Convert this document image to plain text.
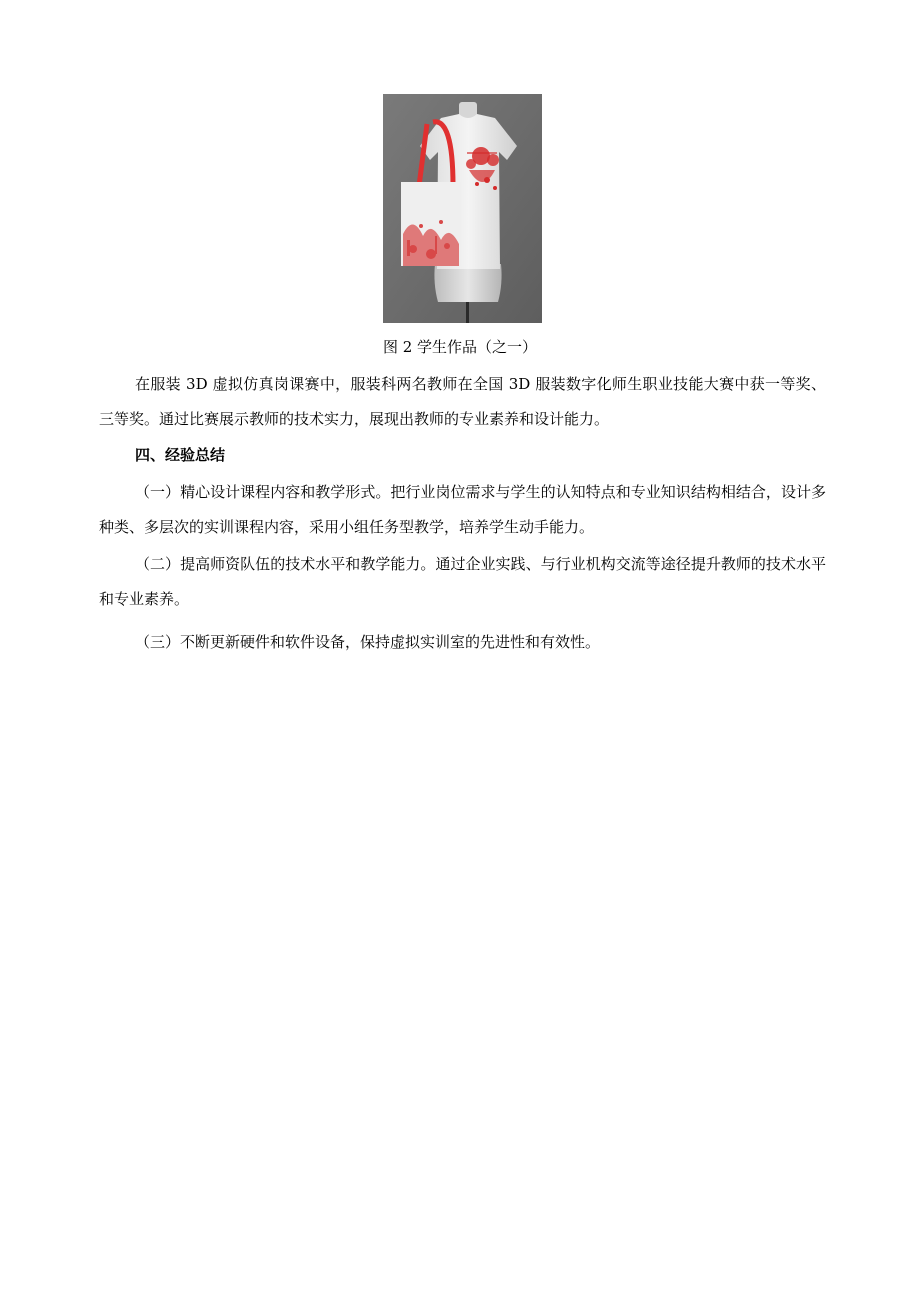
图 2 学生作品（之一）

在服装 3D 虚拟仿真岗课赛中，服装科两名教师在全国 3D 服装数字化师生职业技能大赛中获一等奖、三等奖。通过比赛展示教师的技术实力，展现出教师的专业素养和设计能力。

四、经验总结

（一）精心设计课程内容和教学形式。把行业岗位需求与学生的认知特点和专业知识结构相结合，设计多种类、多层次的实训课程内容，采用小组任务型教学，培养学生动手能力。

（二）提高师资队伍的技术水平和教学能力。通过企业实践、与行业机构交流等途径提升教师的技术水平和专业素养。

（三）不断更新硬件和软件设备，保持虚拟实训室的先进性和有效性。
